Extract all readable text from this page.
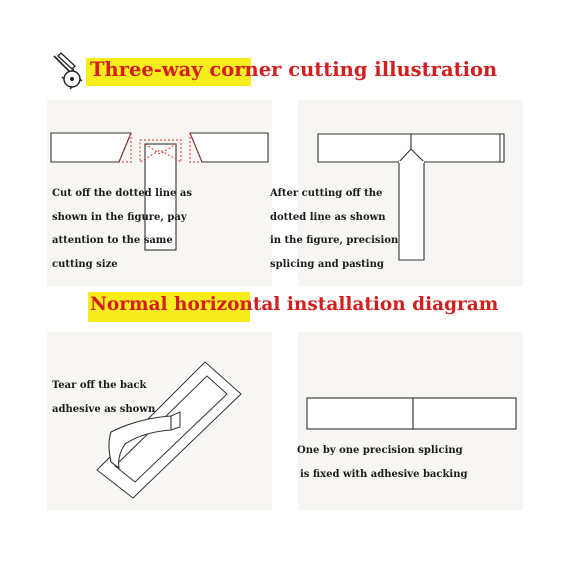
Three-way corner cutting illustration
Cut off the dotted line as
shown in the figure, pay
attention to the same
cutting size
After cutting off the
dotted line as shown
in the figure, precision
splicing and pasting
Normal horizontal installation diagram
Tear off the back
adhesive as shown
One by one precision splicing
is fixed with adhesive backing
